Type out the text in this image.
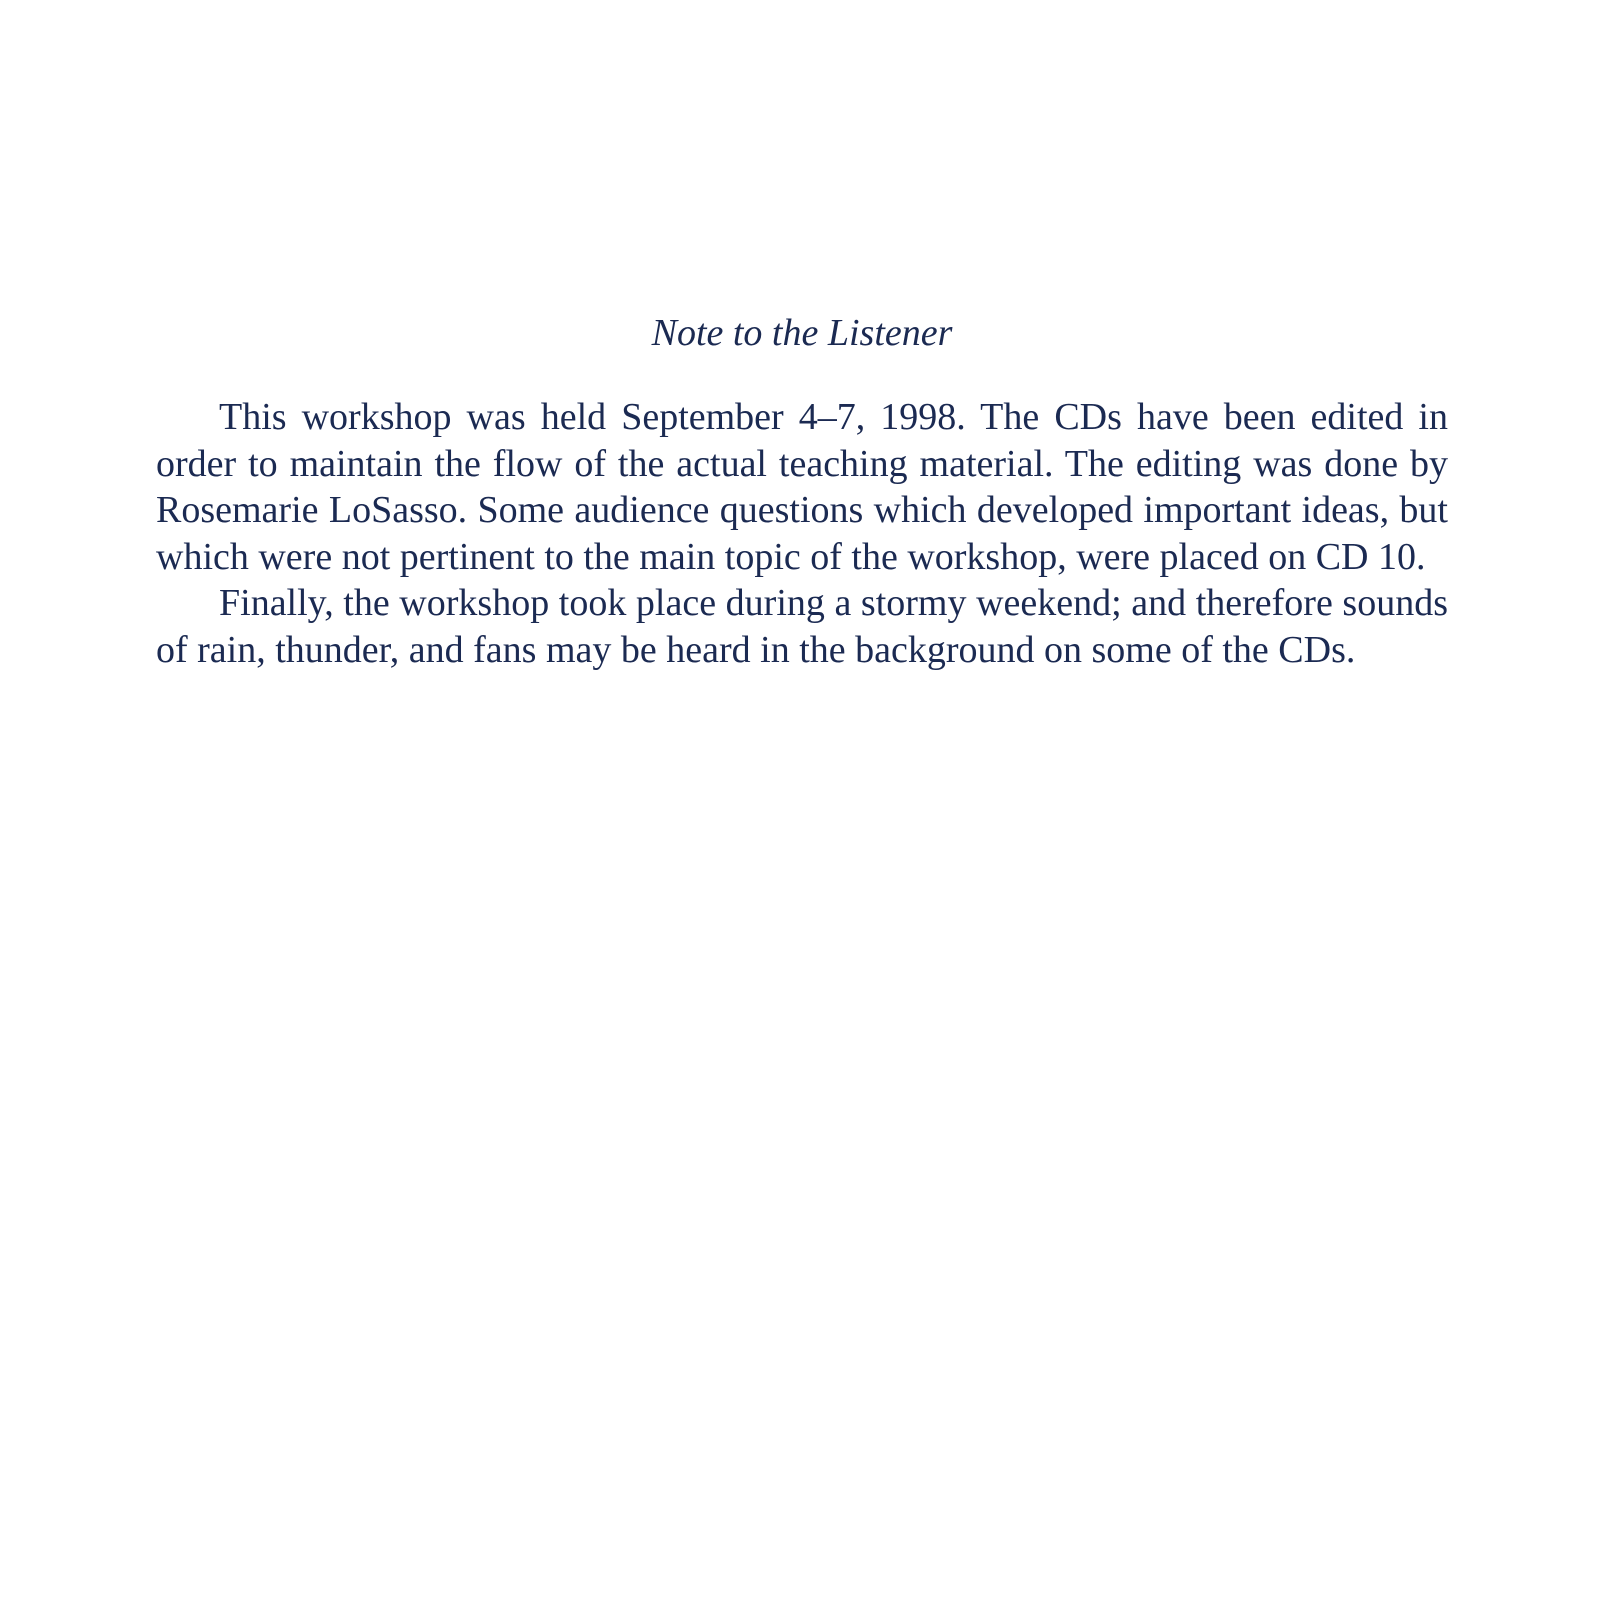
Note to the Listener

This workshop was held September 4–7, 1998. The CDs have been edited in order to maintain the flow of the actual teaching material. The editing was done by Rosemarie LoSasso. Some audience questions which developed important ideas, but which were not pertinent to the main topic of the workshop, were placed on CD 10.

Finally, the workshop took place during a stormy weekend; and therefore sounds of rain, thunder, and fans may be heard in the background on some of the CDs.
